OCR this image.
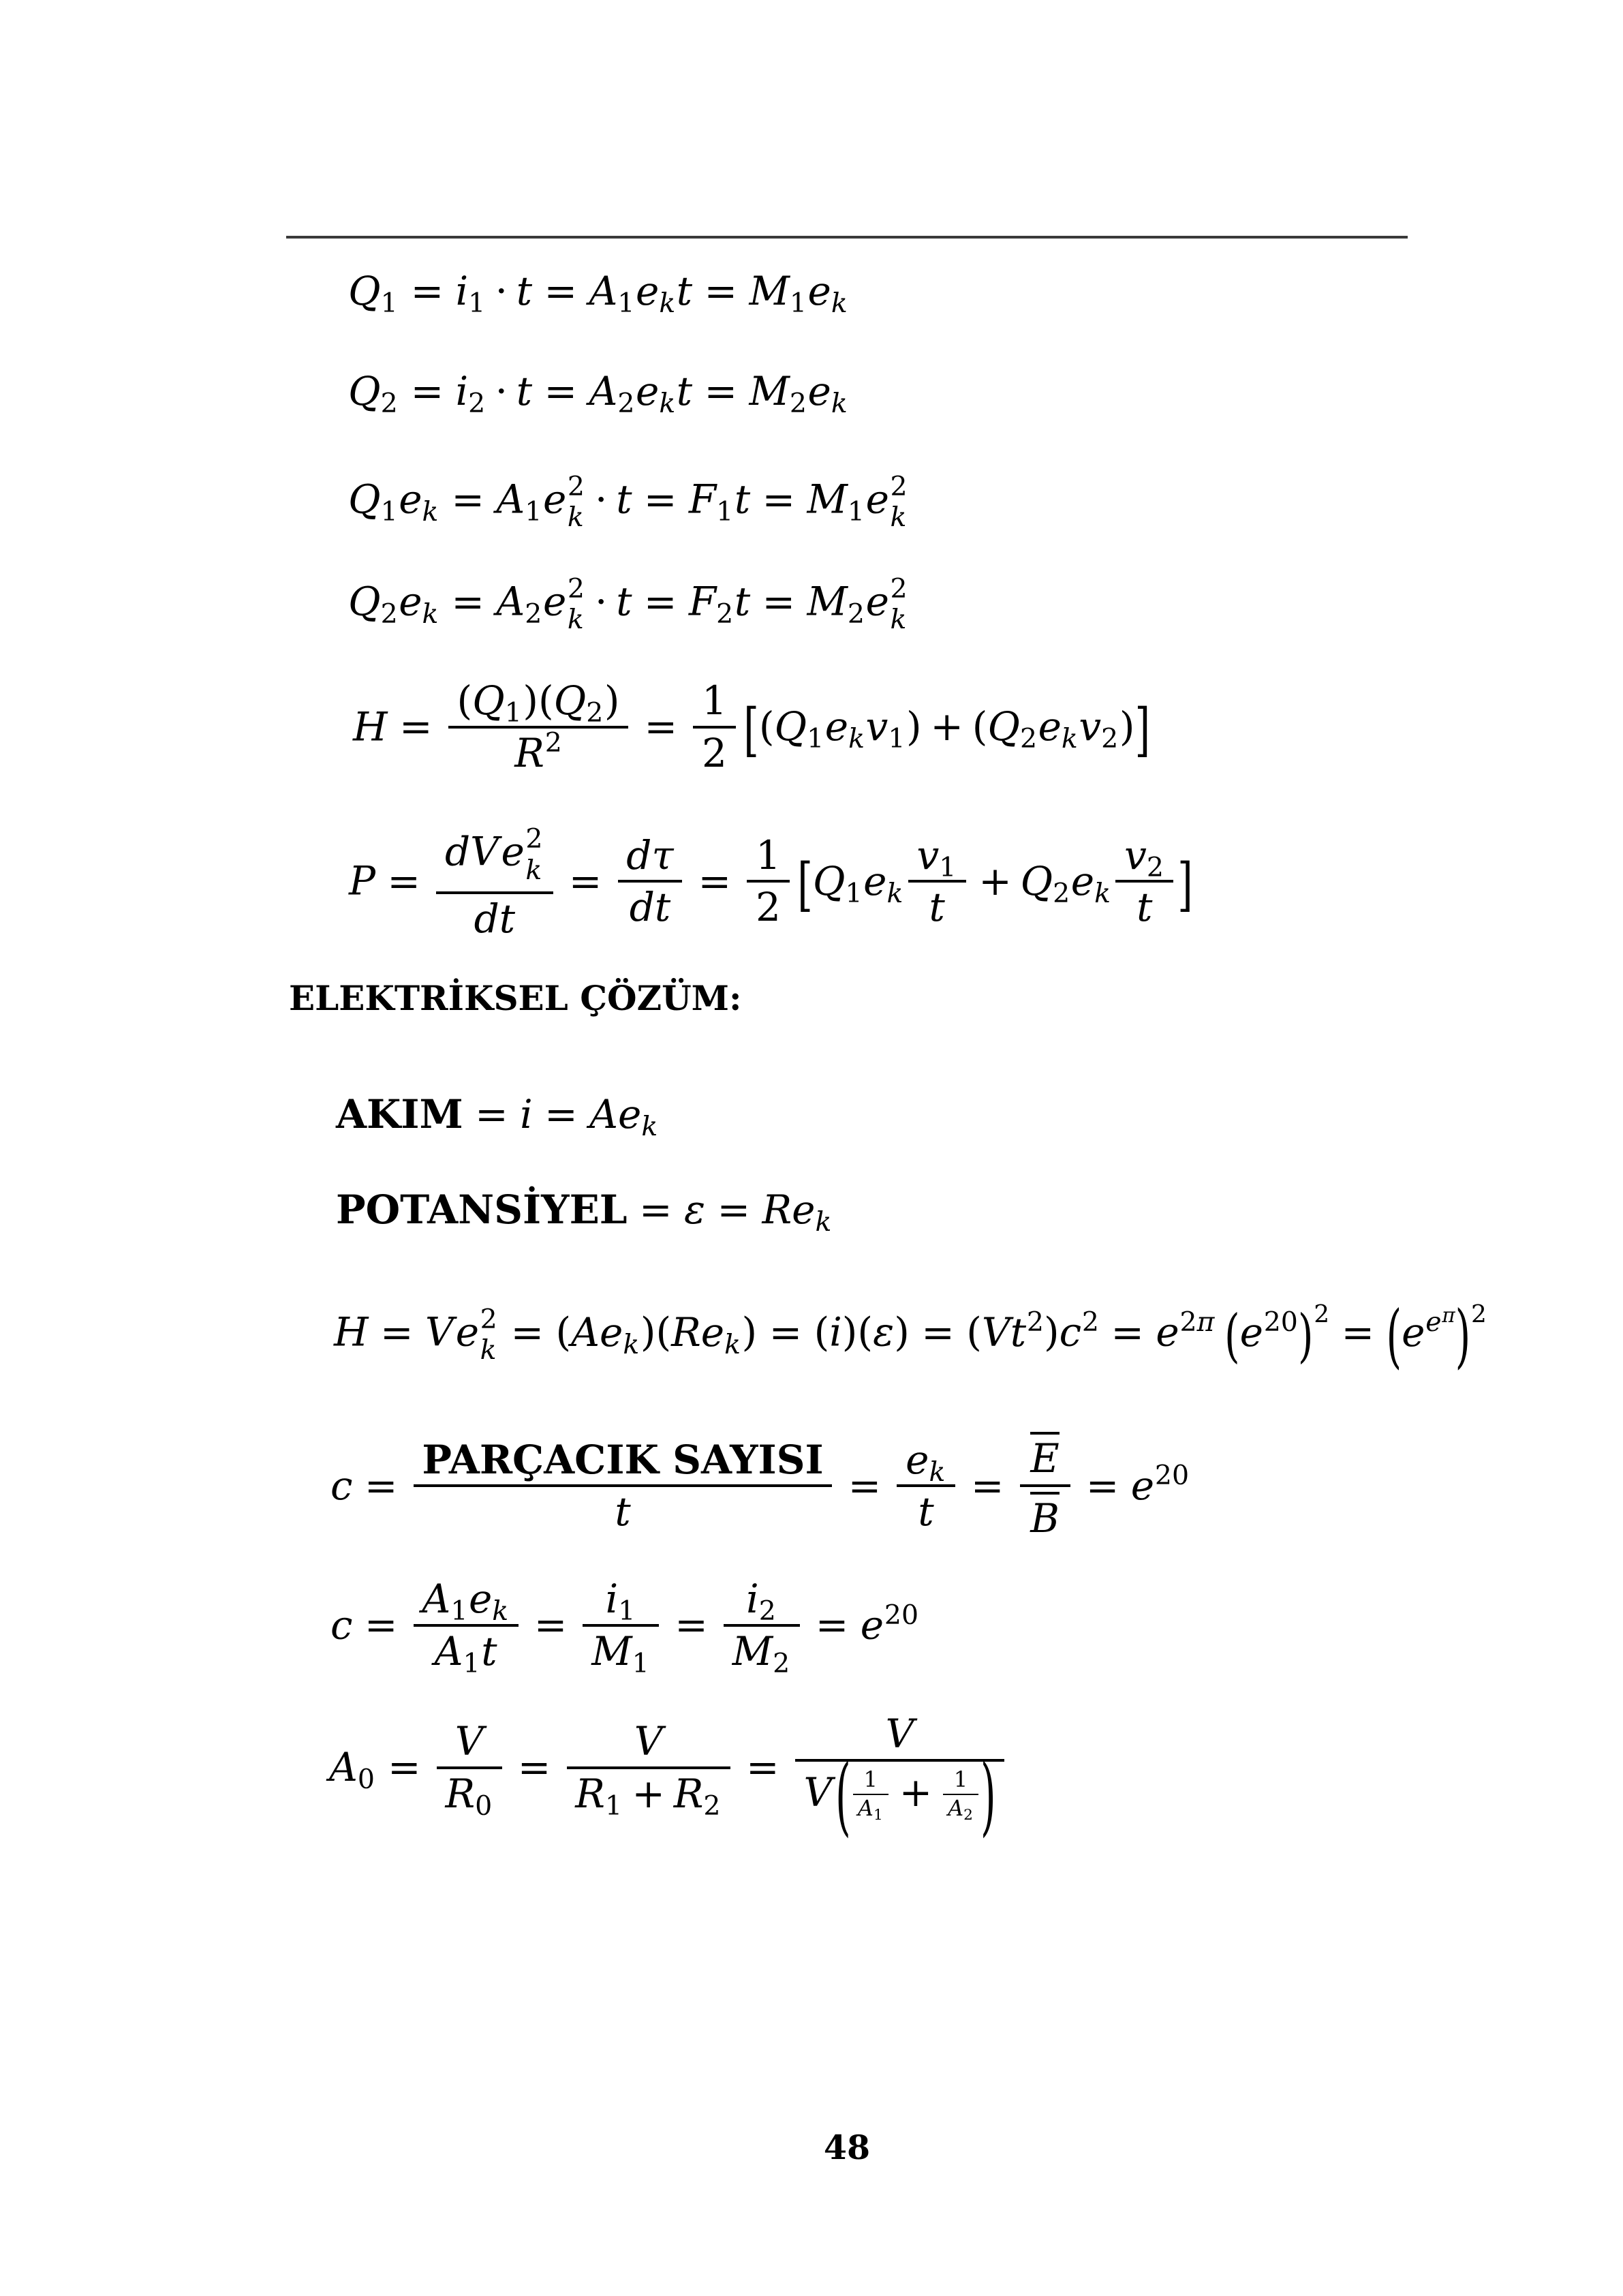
Q1 = i1 · t = A1ekt = M1ek
Q2 = i2 · t = A2ekt = M2ek
Q1ek = A1e 2
k · t = F1t = M1e 2
k
Q2ek = A2e 2
k · t = F2t = M2e 2
k
$H = \frac{(Q1)(Q2)}{R^2} = \frac{1}{2} [(Q1ekv1) + (Q2ekv2)]$
P = dV e 2
k
dt = $\frac{d\tau}{dt} = \frac{1}{2} [Q1ek \frac{v1}{t} + Q2ek \frac{v2}{t}$ ]
ELEKTRİKSEL ÇÖZÜM:
AKIM = i = Aek
POTANSİYEL = ε = Rek
H = V e 2
$k = (Aek)(Rek) = (i)(\varepsilon) = (Vt^2)c^2 = e^{2\pi}$ $(e^{20})^2 = (e^{e^\pi})^2$
$c = \frac{\text{PARÇACIK SAYISI}}{t} = \frac{ek}{t} = \frac{E}{B} = e^{20}$
$c = \frac{A1ek}{A1t} = \frac{i1}{M1} = \frac{i2}{M2} = e^{20}$
$A0 = \frac{V}{R0} = \frac{V}{R1 + R2} = \frac{V}{V ( \frac{1}{A1} + \frac{1}{A2} )}$
48
